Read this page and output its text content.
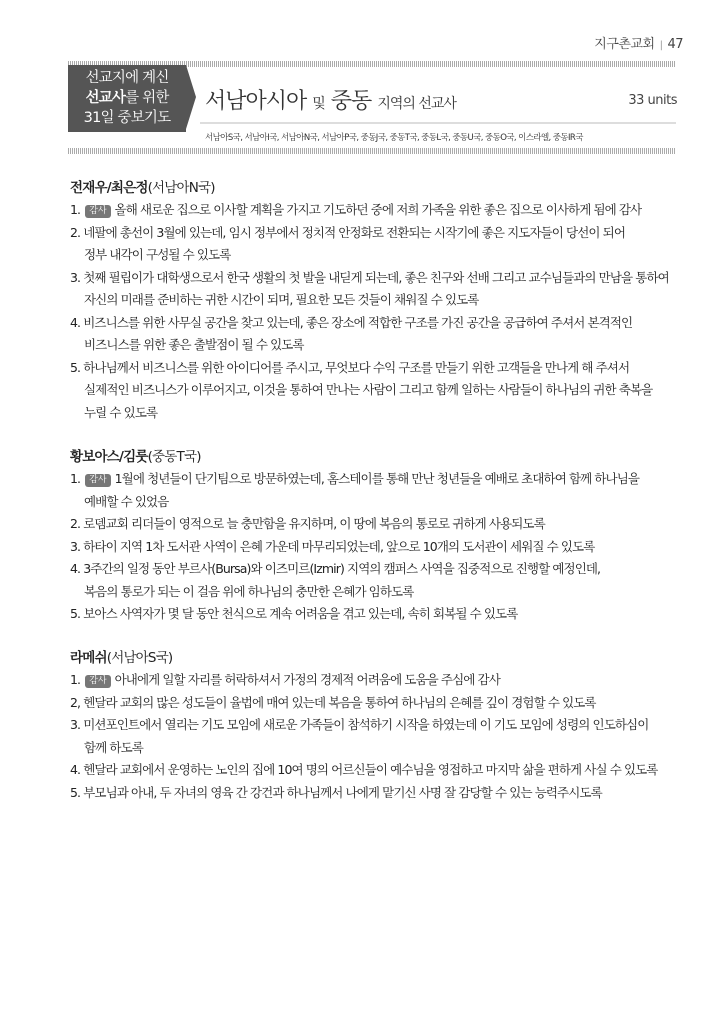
지구촌교회 | 47
선교지에 계신
선교사를 위한
31일 중보기도
서남아시아 및 중동 지역의 선교사	33 units
서남아S국, 서남아I국, 서남아N국, 서남아P국, 중동J국, 중동T국, 중동L국, 중동U국, 중동O국, 이스라엘, 중동IR국
전재우/최은정(서남아N국)
1. 감사 올해 새로운 집으로 이사할 계획을 가지고 기도하던 중에 저희 가족을 위한 좋은 집으로 이사하게 됨에 감사
2. 네팔에 총선이 3월에 있는데, 임시 정부에서 정치적 안정화로 전환되는 시작기에 좋은 지도자들이 당선이 되어
정부 내각이 구성될 수 있도록
3. 첫째 필립이가 대학생으로서 한국 생활의 첫 발을 내딛게 되는데, 좋은 친구와 선배 그리고 교수님들과의 만남을 통하여
자신의 미래를 준비하는 귀한 시간이 되며, 필요한 모든 것들이 채워질 수 있도록
4. 비즈니스를 위한 사무실 공간을 찾고 있는데, 좋은 장소에 적합한 구조를 가진 공간을 공급하여 주셔서 본격적인
비즈니스를 위한 좋은 출발점이 될 수 있도록
5. 하나님께서 비즈니스를 위한 아이디어를 주시고, 무엇보다 수익 구조를 만들기 위한 고객들을 만나게 해 주셔서
실제적인 비즈니스가 이루어지고, 이것을 통하여 만나는 사람이 그리고 함께 일하는 사람들이 하나님의 귀한 축복을
누릴 수 있도록
황보아스/김룻(중동T국)
1. 감사 1월에 청년들이 단기팀으로 방문하였는데, 홈스테이를 통해 만난 청년들을 예배로 초대하여 함께 하나님을
예배할 수 있었음
2. 로뎀교회 리더들이 영적으로 늘 충만함을 유지하며, 이 땅에 복음의 통로로 귀하게 사용되도록
3. 하타이 지역 1차 도서관 사역이 은혜 가운데 마무리되었는데, 앞으로 10개의 도서관이 세워질 수 있도록
4. 3주간의 일정 동안 부르사(Bursa)와 이즈미르(Izmir) 지역의 캠퍼스 사역을 집중적으로 진행할 예정인데,
복음의 통로가 되는 이 걸음 위에 하나님의 충만한 은혜가 임하도록
5. 보아스 사역자가 몇 달 동안 천식으로 계속 어려움을 겪고 있는데, 속히 회복될 수 있도록
라메쉬(서남아S국)
1. 감사 아내에게 일할 자리를 허락하셔서 가정의 경제적 어려움에 도움을 주심에 감사
2, 헨달라 교회의 많은 성도들이 율법에 매여 있는데 복음을 통하여 하나님의 은혜를 깊이 경험할 수 있도록
3. 미션포인트에서 열리는 기도 모임에 새로운 가족들이 참석하기 시작을 하였는데 이 기도 모임에 성령의 인도하심이
함께 하도록
4. 헨달라 교회에서 운영하는 노인의 집에 10여 명의 어르신들이 예수님을 영접하고 마지막 삶을 편하게 사실 수 있도록
5. 부모님과 아내, 두 자녀의 영육 간 강건과 하나님께서 나에게 맡기신 사명 잘 감당할 수 있는 능력주시도록
